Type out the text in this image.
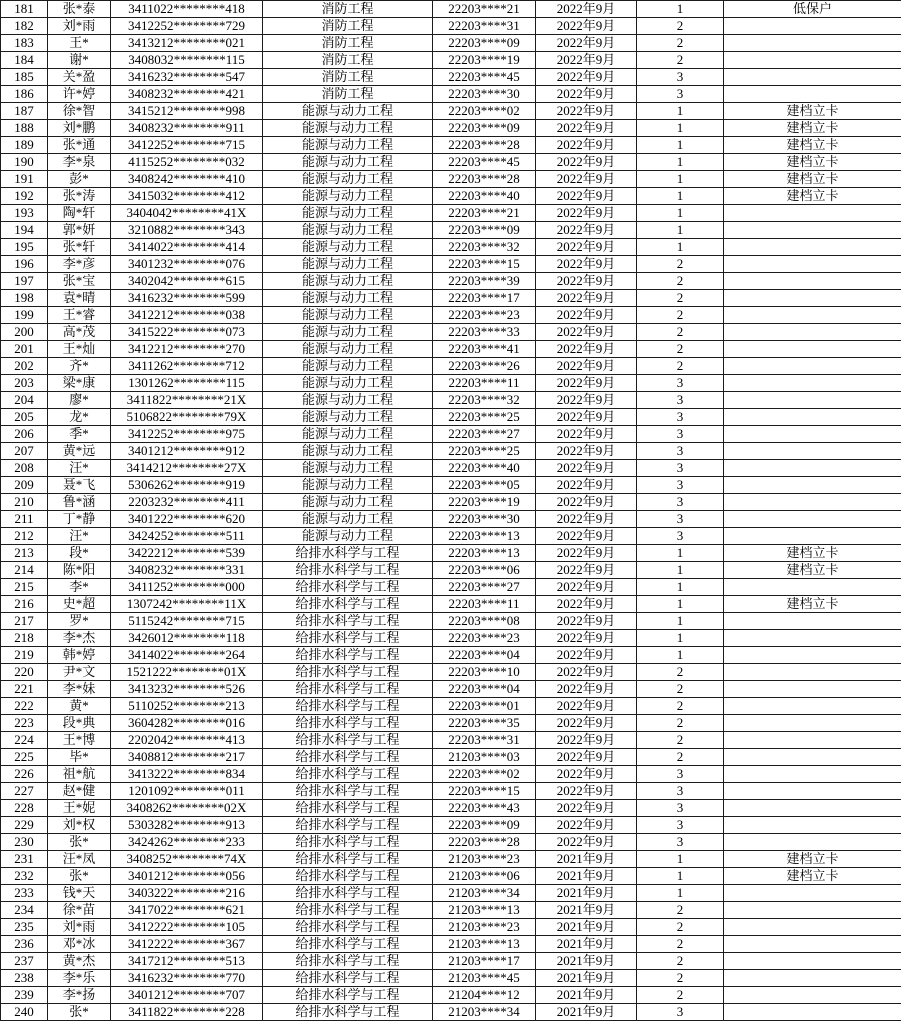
181	张*泰	3411022********418	消防工程	22203****21	2022年9月	1	低保户
182	刘*雨	3412252********729	消防工程	22203****31	2022年9月	2	
183	王*	3413212********021	消防工程	22203****09	2022年9月	2	
184	谢*	3408032********115	消防工程	22203****19	2022年9月	2	
185	关*盈	3416232********547	消防工程	22203****45	2022年9月	3	
186	许*婷	3408232********421	消防工程	22203****30	2022年9月	3	
187	徐*智	3415212********998	能源与动力工程	22203****02	2022年9月	1	建档立卡
188	刘*鹏	3408232********911	能源与动力工程	22203****09	2022年9月	1	建档立卡
189	张*通	3412252********715	能源与动力工程	22203****28	2022年9月	1	建档立卡
190	李*泉	4115252********032	能源与动力工程	22203****45	2022年9月	1	建档立卡
191	彭*	3408242********410	能源与动力工程	22203****28	2022年9月	1	建档立卡
192	张*涛	3415032********412	能源与动力工程	22203****40	2022年9月	1	建档立卡
193	陶*轩	3404042********41X	能源与动力工程	22203****21	2022年9月	1	
194	郭*妍	3210882********343	能源与动力工程	22203****09	2022年9月	1	
195	张*轩	3414022********414	能源与动力工程	22203****32	2022年9月	1	
196	李*彦	3401232********076	能源与动力工程	22203****15	2022年9月	2	
197	张*宝	3402042********615	能源与动力工程	22203****39	2022年9月	2	
198	袁*晴	3416232********599	能源与动力工程	22203****17	2022年9月	2	
199	王*睿	3412212********038	能源与动力工程	22203****23	2022年9月	2	
200	高*茂	3415222********073	能源与动力工程	22203****33	2022年9月	2	
201	王*灿	3412212********270	能源与动力工程	22203****41	2022年9月	2	
202	齐*	3411262********712	能源与动力工程	22203****26	2022年9月	2	
203	梁*康	1301262********115	能源与动力工程	22203****11	2022年9月	3	
204	廖*	3411822********21X	能源与动力工程	22203****32	2022年9月	3	
205	龙*	5106822********79X	能源与动力工程	22203****25	2022年9月	3	
206	季*	3412252********975	能源与动力工程	22203****27	2022年9月	3	
207	黄*远	3401212********912	能源与动力工程	22203****25	2022年9月	3	
208	汪*	3414212********27X	能源与动力工程	22203****40	2022年9月	3	
209	聂*飞	5306262********919	能源与动力工程	22203****05	2022年9月	3	
210	鲁*涵	2203232********411	能源与动力工程	22203****19	2022年9月	3	
211	丁*静	3401222********620	能源与动力工程	22203****30	2022年9月	3	
212	汪*	3424252********511	能源与动力工程	22203****13	2022年9月	3	
213	段*	3422212********539	给排水科学与工程	22203****13	2022年9月	1	建档立卡
214	陈*阳	3408232********331	给排水科学与工程	22203****06	2022年9月	1	建档立卡
215	李*	3411252********000	给排水科学与工程	22203****27	2022年9月	1	
216	史*超	1307242********11X	给排水科学与工程	22203****11	2022年9月	1	建档立卡
217	罗*	5115242********715	给排水科学与工程	22203****08	2022年9月	1	
218	李*杰	3426012********118	给排水科学与工程	22203****23	2022年9月	1	
219	韩*婷	3414022********264	给排水科学与工程	22203****04	2022年9月	1	
220	尹*文	1521222********01X	给排水科学与工程	22203****10	2022年9月	2	
221	李*妹	3413232********526	给排水科学与工程	22203****04	2022年9月	2	
222	黄*	5110252********213	给排水科学与工程	22203****01	2022年9月	2	
223	段*典	3604282********016	给排水科学与工程	22203****35	2022年9月	2	
224	王*博	2202042********413	给排水科学与工程	22203****31	2022年9月	2	
225	毕*	3408812********217	给排水科学与工程	21203****03	2022年9月	2	
226	祖*航	3413222********834	给排水科学与工程	22203****02	2022年9月	3	
227	赵*健	1201092********011	给排水科学与工程	22203****15	2022年9月	3	
228	王*妮	3408262********02X	给排水科学与工程	22203****43	2022年9月	3	
229	刘*权	5303282********913	给排水科学与工程	22203****09	2022年9月	3	
230	张*	3424262********233	给排水科学与工程	22203****28	2022年9月	3	
231	汪*凤	3408252********74X	给排水科学与工程	21203****23	2021年9月	1	建档立卡
232	张*	3401212********056	给排水科学与工程	21203****06	2021年9月	1	建档立卡
233	钱*天	3403222********216	给排水科学与工程	21203****34	2021年9月	1	
234	徐*苗	3417022********621	给排水科学与工程	21203****13	2021年9月	2	
235	刘*雨	3412222********105	给排水科学与工程	21203****23	2021年9月	2	
236	邓*冰	3412222********367	给排水科学与工程	21203****13	2021年9月	2	
237	黄*杰	3417212********513	给排水科学与工程	21203****17	2021年9月	2	
238	李*乐	3416232********770	给排水科学与工程	21203****45	2021年9月	2	
239	李*扬	3401212********707	给排水科学与工程	21204****12	2021年9月	2	
240	张*	3411822********228	给排水科学与工程	21203****34	2021年9月	3	
